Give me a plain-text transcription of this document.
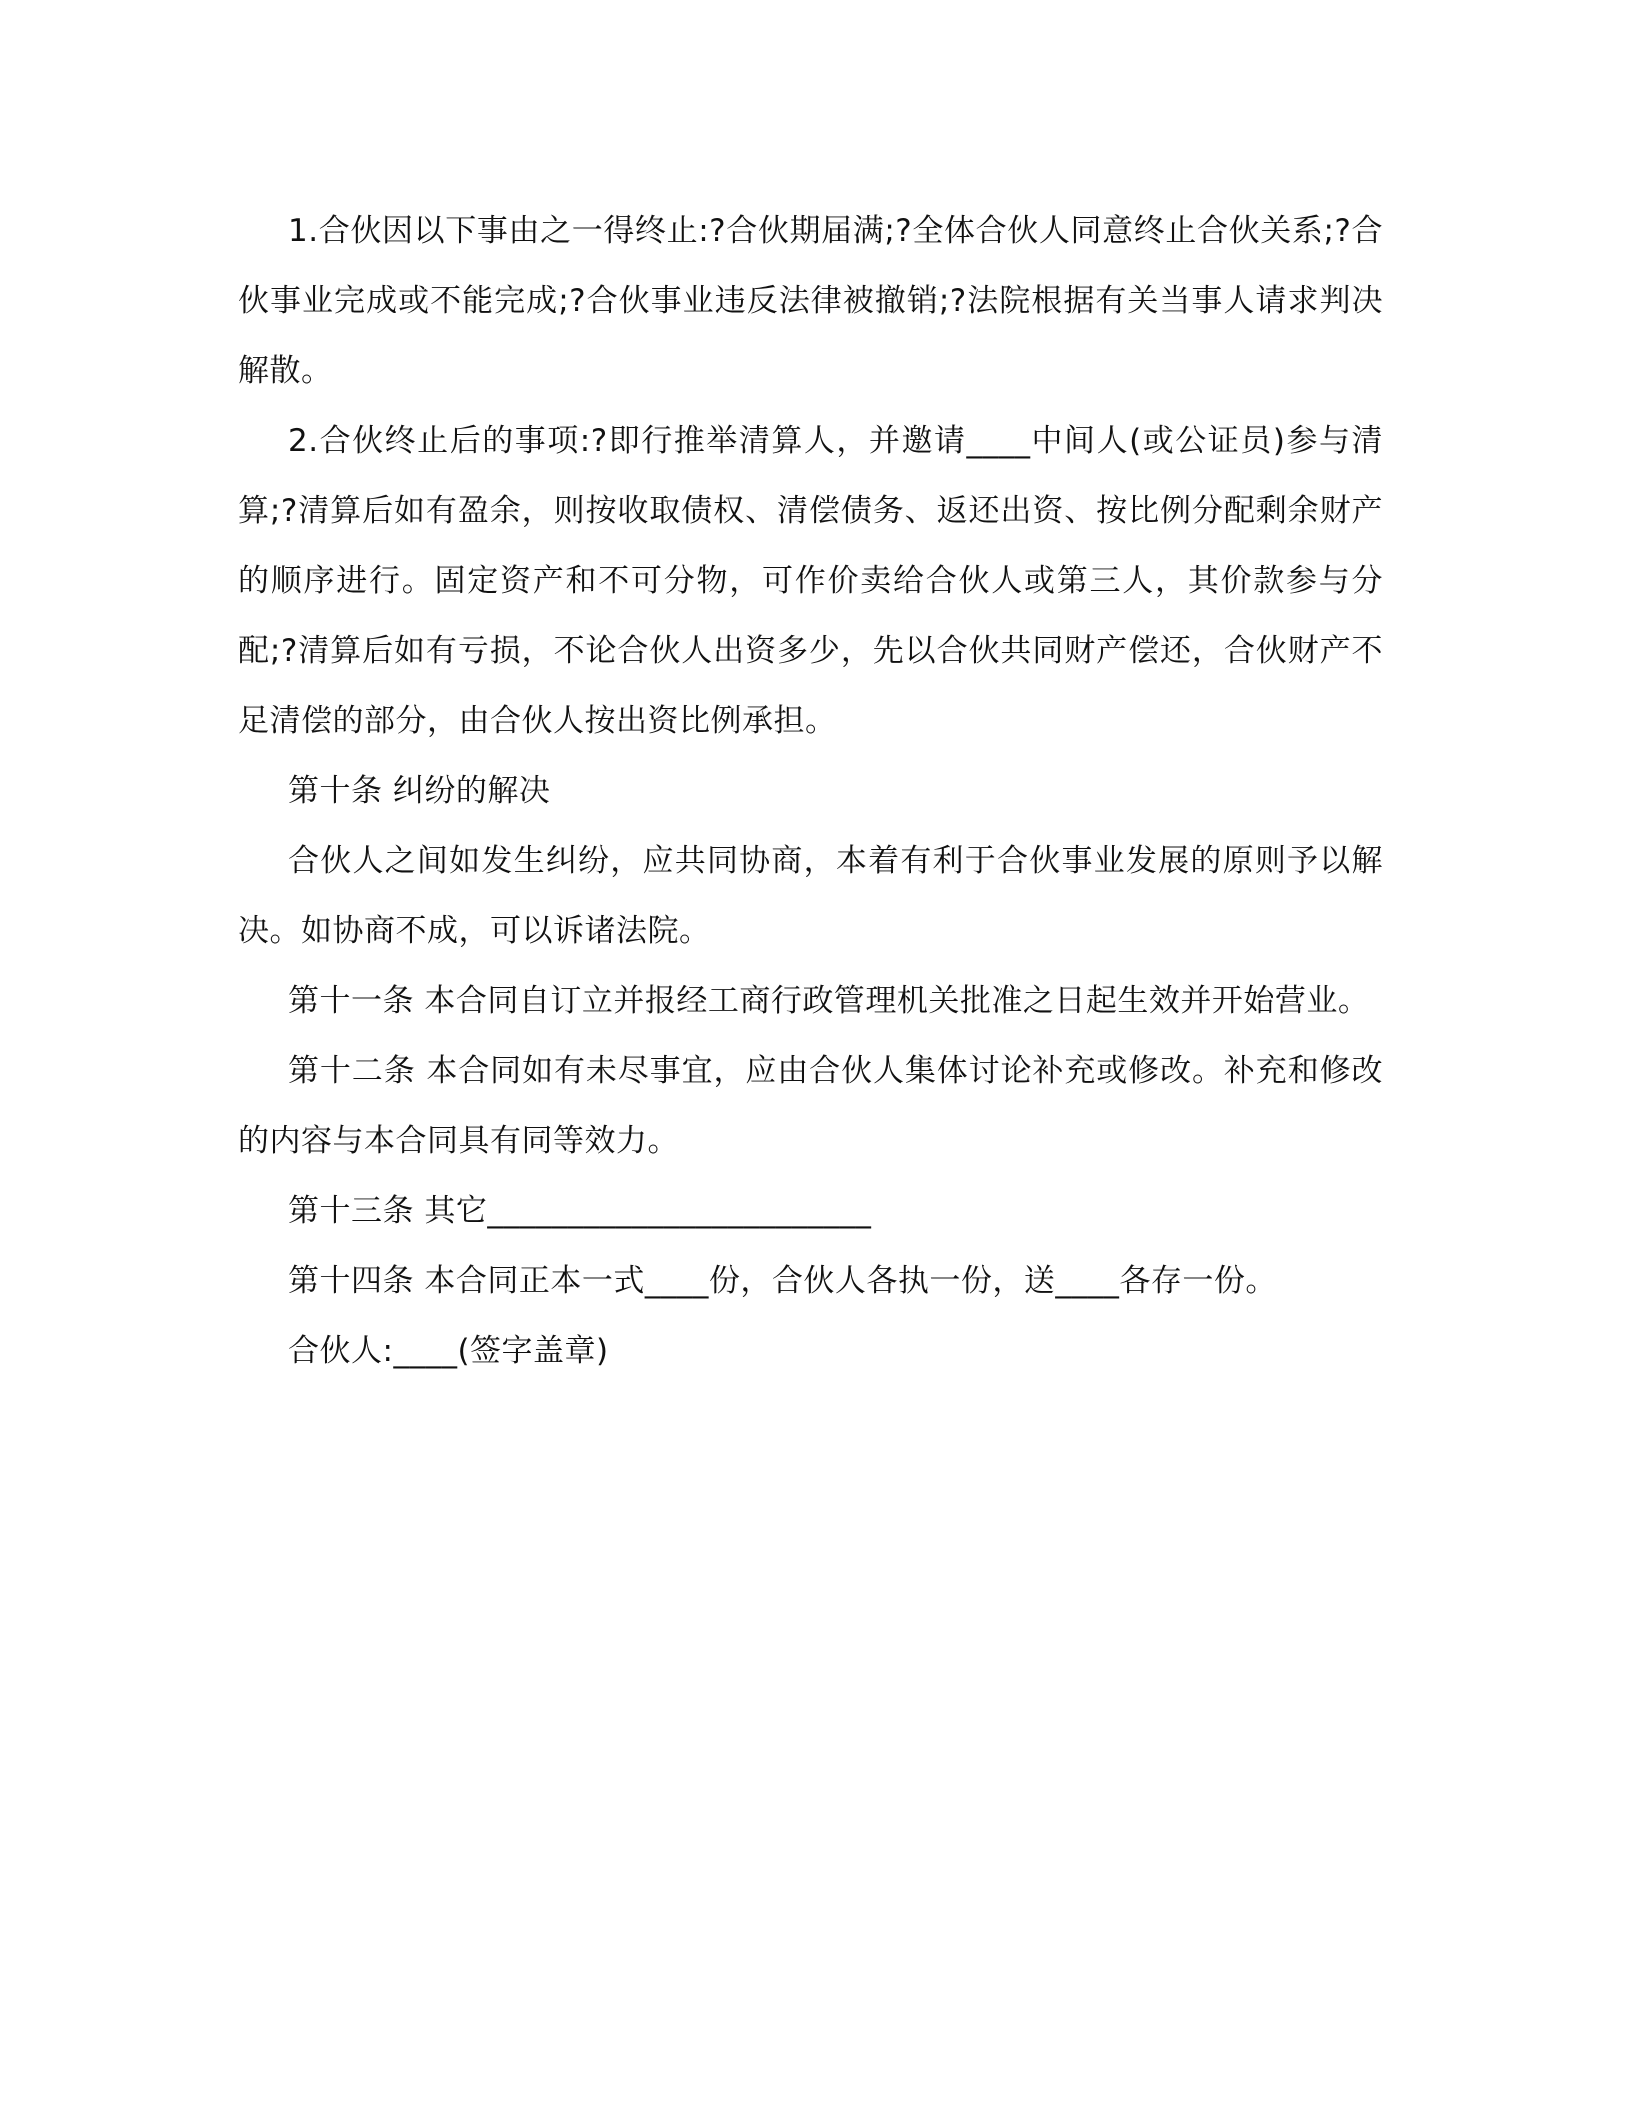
1.合伙因以下事由之一得终止:?合伙期届满;?全体合伙人同意终止合伙关系;?合伙事业完成或不能完成;?合伙事业违反法律被撤销;?法院根据有关当事人请求判决解散。

2.合伙终止后的事项:?即行推举清算人，并邀请____中间人(或公证员)参与清算;?清算后如有盈余，则按收取债权、清偿债务、返还出资、按比例分配剩余财产的顺序进行。固定资产和不可分物，可作价卖给合伙人或第三人，其价款参与分配;?清算后如有亏损，不论合伙人出资多少，先以合伙共同财产偿还，合伙财产不足清偿的部分，由合伙人按出资比例承担。

第十条 纠纷的解决

合伙人之间如发生纠纷，应共同协商，本着有利于合伙事业发展的原则予以解决。如协商不成，可以诉诸法院。

第十一条 本合同自订立并报经工商行政管理机关批准之日起生效并开始营业。

第十二条 本合同如有未尽事宜，应由合伙人集体讨论补充或修改。补充和修改的内容与本合同具有同等效力。

第十三条 其它________________________

第十四条 本合同正本一式____份，合伙人各执一份，送____各存一份。

合伙人:____(签字盖章)
